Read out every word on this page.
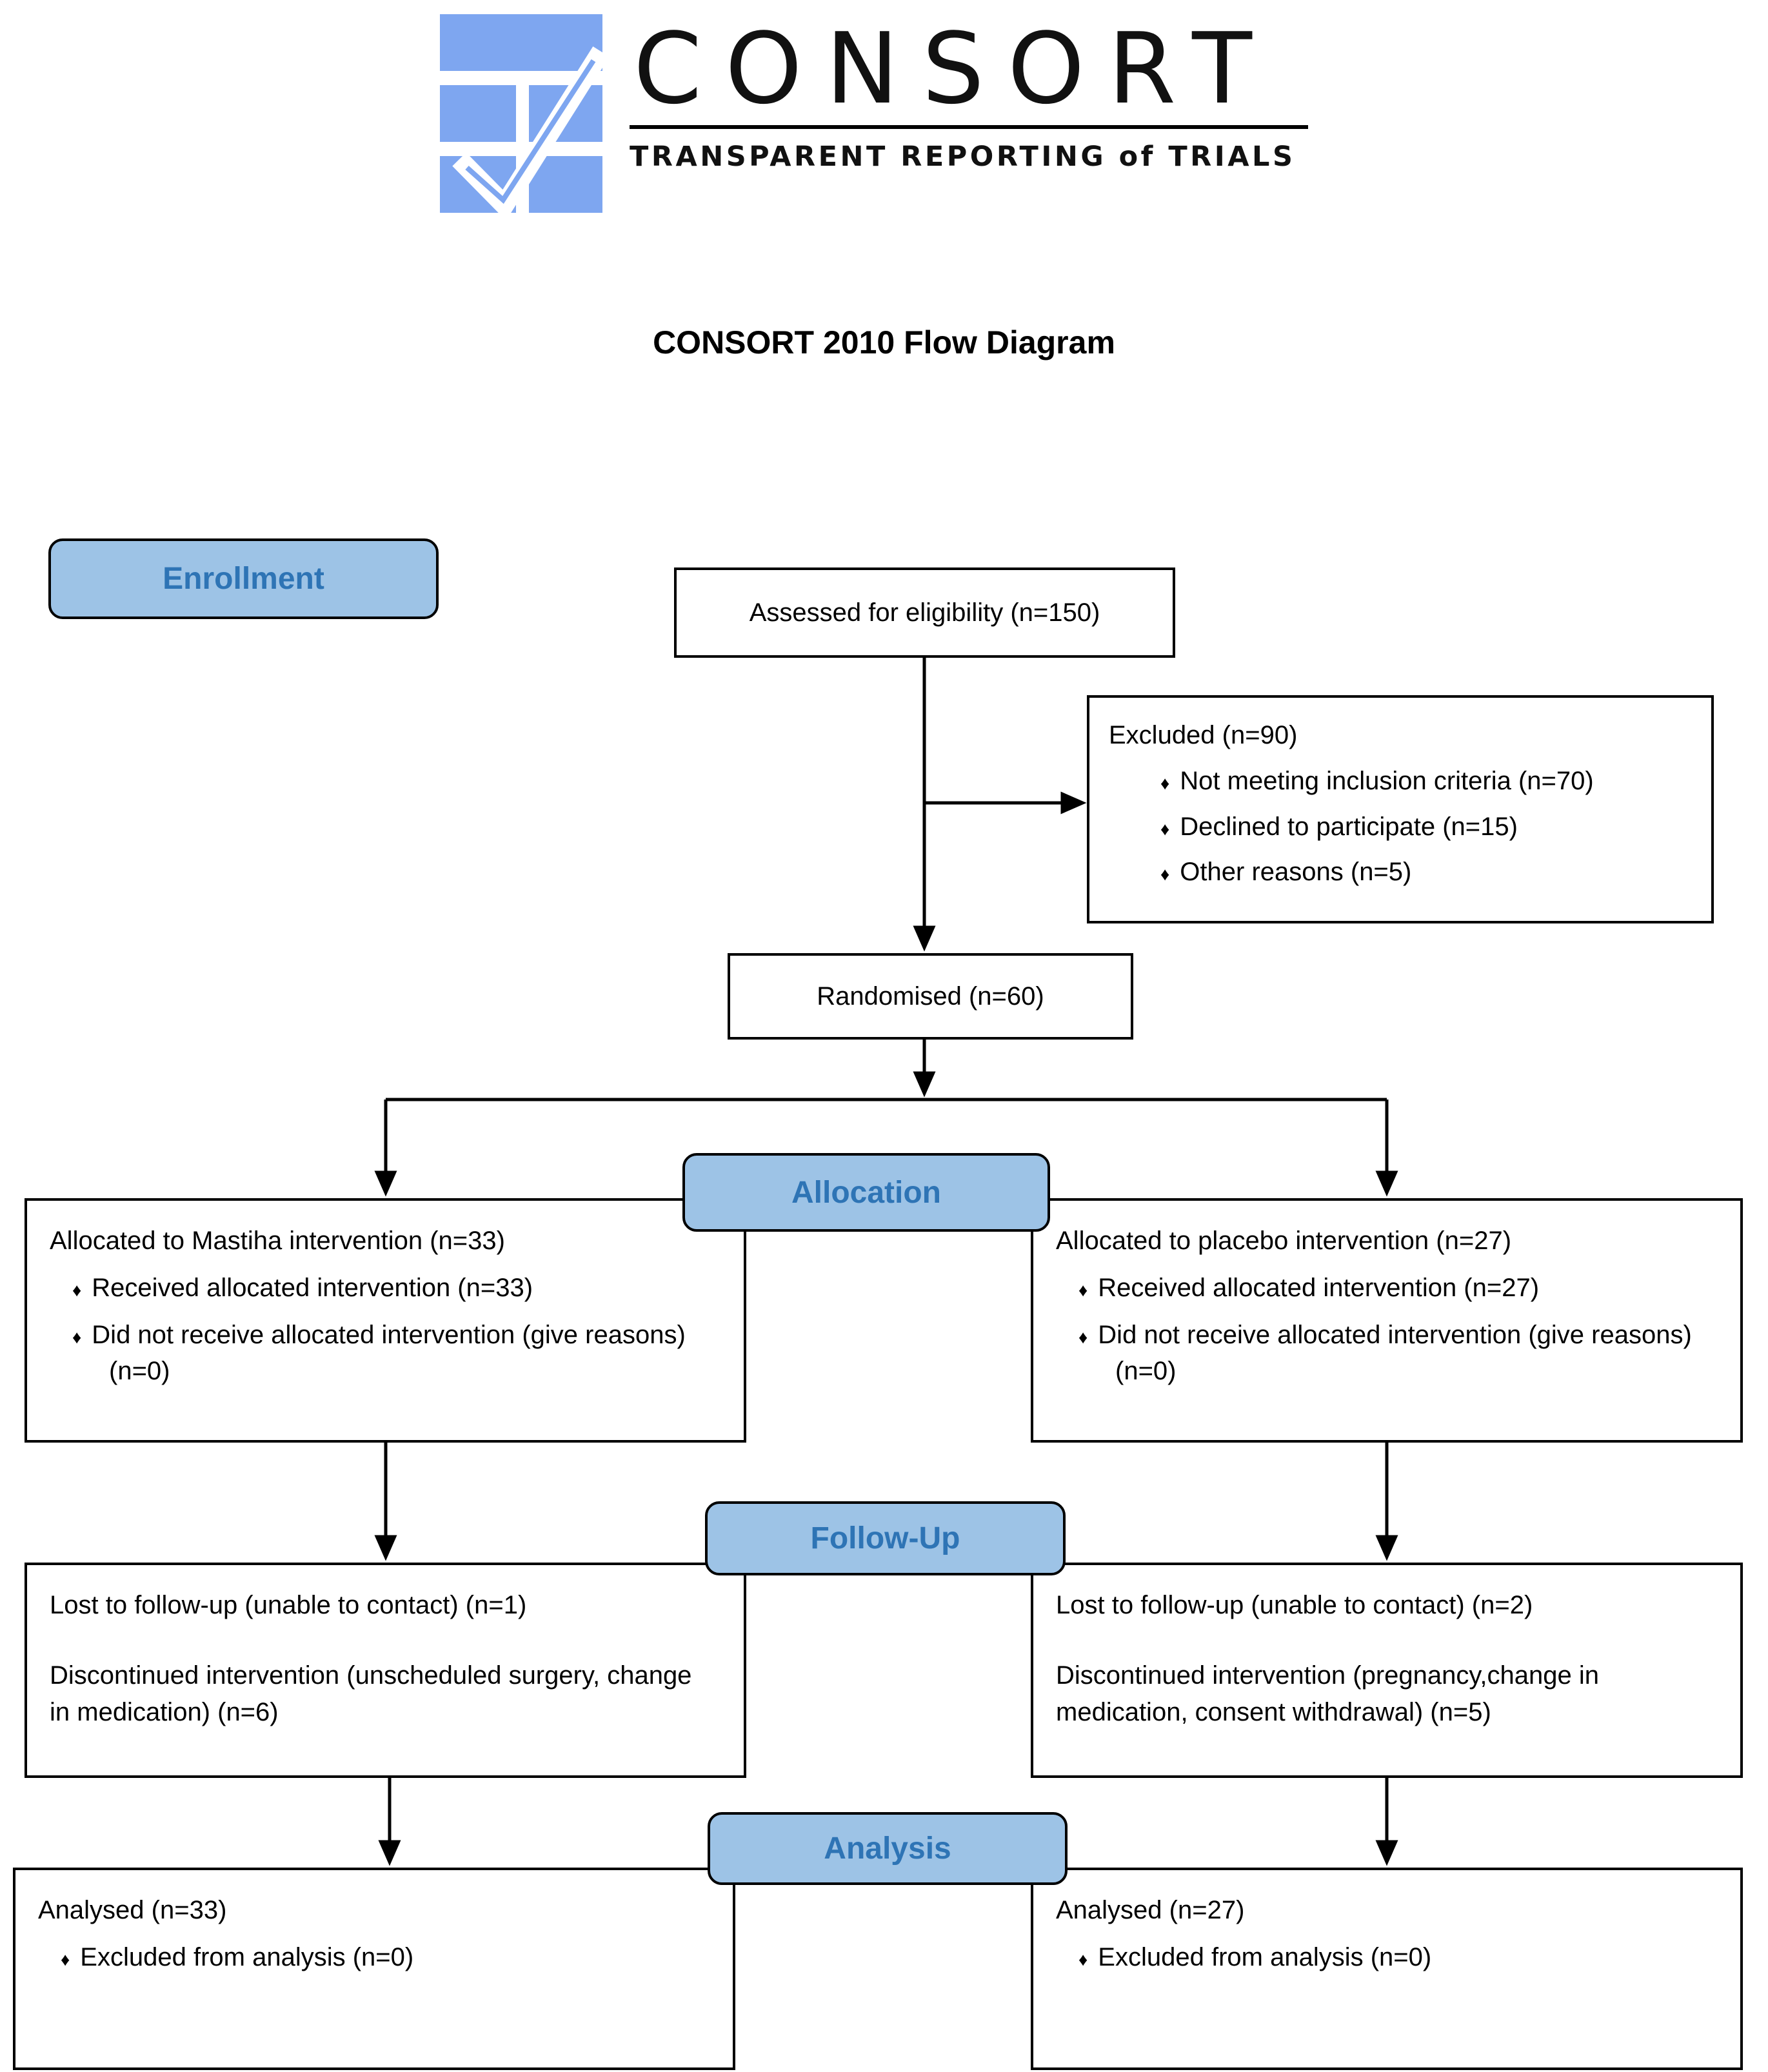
CONSORT
TRANSPARENT REPORTING of TRIALS
CONSORT 2010 Flow Diagram
Enrollment
Allocation
Follow-Up
Analysis
Assessed for eligibility (n=150)
Excluded (n=90)
♦ Not meeting inclusion criteria (n=70)
♦ Declined to participate (n=15)
♦ Other reasons (n=5)
Randomised (n=60)
Allocated to Mastiha intervention (n=33)
♦ Received allocated intervention (n=33)
♦ Did not receive allocated intervention (give reasons) (n=0)
Allocated to placebo intervention (n=27)
♦ Received allocated intervention (n=27)
♦ Did not receive allocated intervention (give reasons) (n=0)
Lost to follow-up (unable to contact) (n=1)
Discontinued intervention (unscheduled surgery, change in medication) (n=6)
Lost to follow-up (unable to contact) (n=2)
Discontinued intervention (pregnancy,change in medication, consent withdrawal) (n=5)
Analysed (n=33)
♦ Excluded from analysis (n=0)
Analysed (n=27)
♦ Excluded from analysis (n=0)
